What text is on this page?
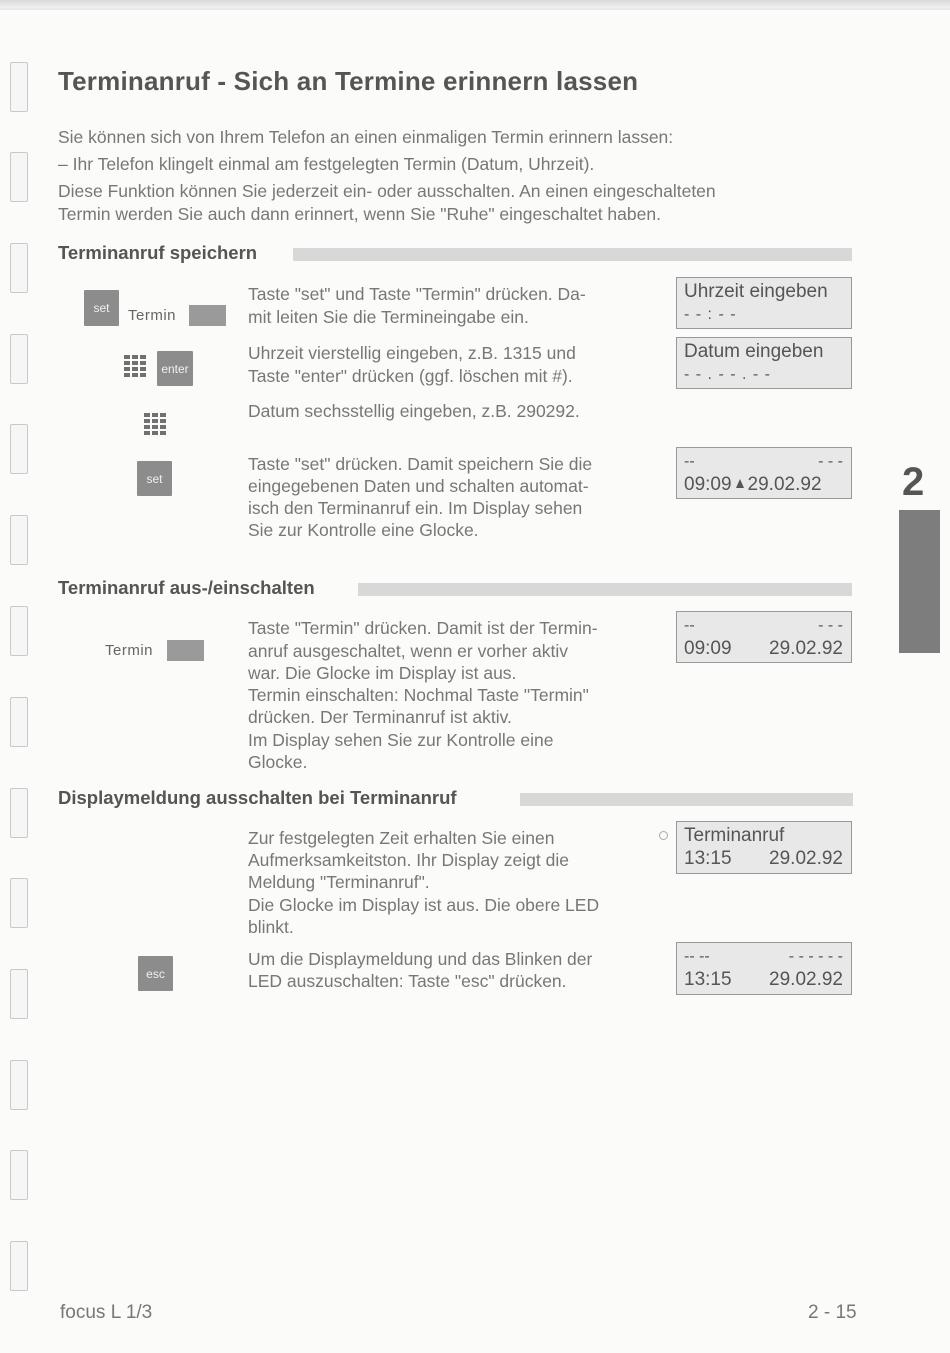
Terminanruf - Sich an Termine erinnern lassen

Sie können sich von Ihrem Telefon an einen einmaligen Termin erinnern lassen:

– Ihr Telefon klingelt einmal am festgelegten Termin (Datum, Uhrzeit).

Diese Funktion können Sie jederzeit ein- oder ausschalten. An einen eingeschalteten

Termin werden Sie auch dann erinnert, wenn Sie "Ruhe" eingeschaltet haben.

Terminanruf speichern
set	Termin
enter
set

Taste "set" und Taste "Termin" drücken. Da-

mit leiten Sie die Termineingabe ein.

Uhrzeit vierstellig eingeben, z.B. 1315 und

Taste "enter" drücken (ggf. löschen mit #).

Datum sechsstellig eingeben, z.B. 290292.

Taste "set" drücken. Damit speichern Sie die

eingegebenen Daten und schalten automat-

isch den Terminanruf ein. Im Display sehen

Sie zur Kontrolle eine Glocke.

Uhrzeit eingeben
- - : - -
Datum eingeben
- - . - - . - -
--	- - -
09:09 29.02.92
Terminanruf aus-/einschalten
Termin

Taste "Termin" drücken. Damit ist der Termin-

anruf ausgeschaltet, wenn er vorher aktiv

war. Die Glocke im Display ist aus.

Termin einschalten: Nochmal Taste "Termin"

drücken. Der Terminanruf ist aktiv.

Im Display sehen Sie zur Kontrolle eine

Glocke.

--	- - -
09:09 29.02.92
Displaymeldung ausschalten bei Terminanruf

Zur festgelegten Zeit erhalten Sie einen

Aufmerksamkeitston. Ihr Display zeigt die

Meldung "Terminanruf".

Die Glocke im Display ist aus. Die obere LED

blinkt.

Terminanruf
13:15 29.02.92
esc

Um die Displaymeldung und das Blinken der

LED auszuschalten: Taste "esc" drücken.

-- --	- - - - - -
13:15 29.02.92
2
focus L 1/3	2 - 15
